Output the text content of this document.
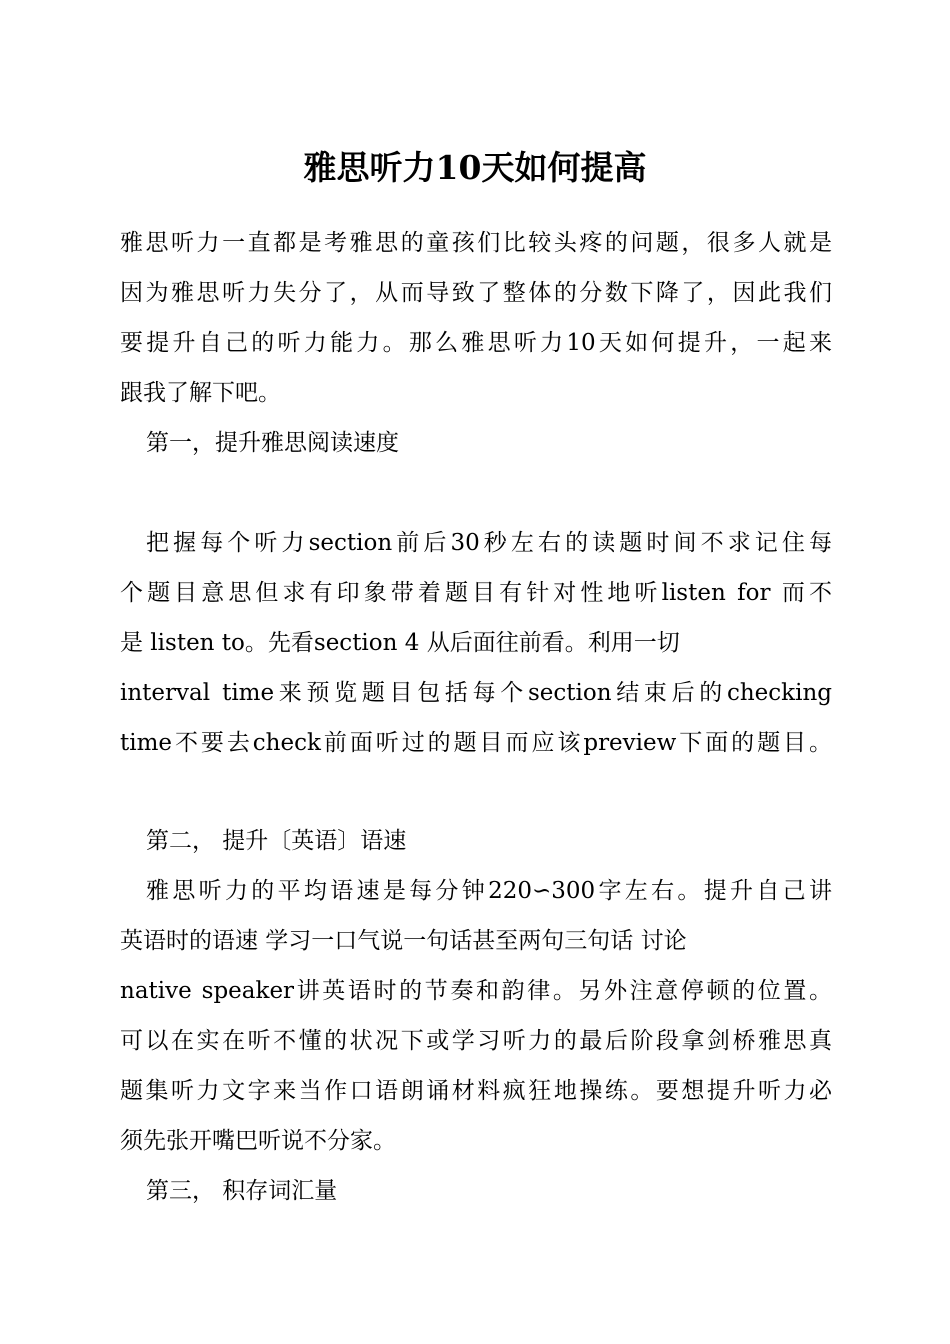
雅思听力10天如何提高
雅思听力一直都是考雅思的童孩们比较头疼的问题，很多人就是
因为雅思听力失分了，从而导致了整体的分数下降了，因此我们
要提升自己的听力能力。那么雅思听力10天如何提升，一起来
跟我了解下吧。
第一，提升雅思阅读速度
把握每个听力section前后30秒左右的读题时间不求记住每
个题目意思但求有印象带着题目有针对性地听listen for 而不
是 listen to。先看section 4 从后面往前看。利用一切
interval time来预览题目包括每个section结束后的checking
time不要去check前面听过的题目而应该preview下面的题目。
第二， 提升〔英语〕语速
雅思听力的平均语速是每分钟220∽300字左右。提升自己讲
英语时的语速 学习一口气说一句话甚至两句三句话 讨论
native speaker讲英语时的节奏和韵律。另外注意停顿的位置。
可以在实在听不懂的状况下或学习听力的最后阶段拿剑桥雅思真
题集听力文字来当作口语朗诵材料疯狂地操练。要想提升听力必
须先张开嘴巴听说不分家。
第三， 积存词汇量
